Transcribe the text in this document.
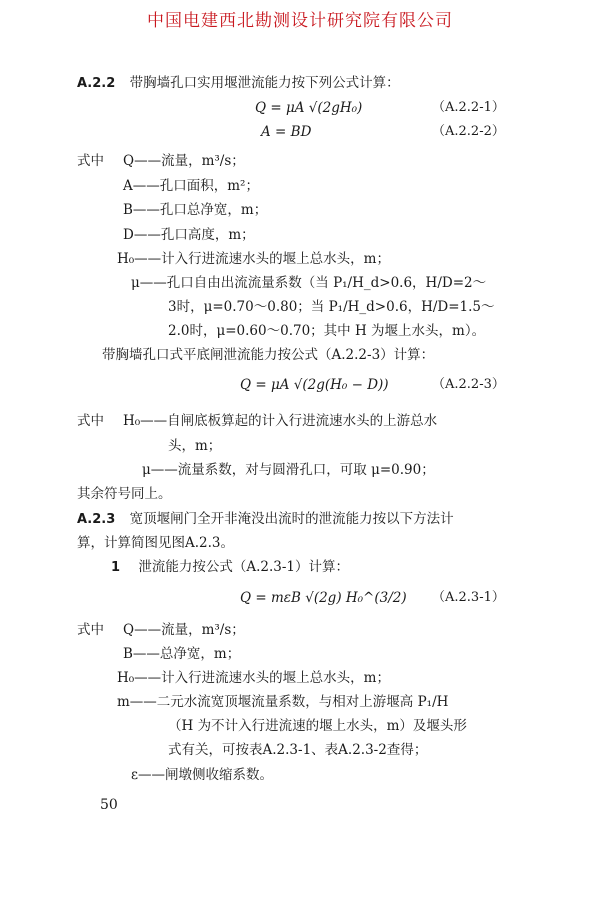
中国电建西北勘测设计研究院有限公司
A.2.2 带胸墙孔口实用堰泄流能力按下列公式计算：
Q = μA √(2gH₀)	（A.2.2-1）
A = BD	（A.2.2-2）
式中 Q——流量，m³/s；
A——孔口面积，m²；
B——孔口总净宽，m；
D——孔口高度，m；
H₀——计入行进流速水头的堰上总水头，m；
μ——孔口自由出流流量系数（当 P₁/H_d>0.6，H/D=2～
3时，μ=0.70～0.80；当 P₁/H_d>0.6，H/D=1.5～
2.0时，μ=0.60～0.70；其中 H 为堰上水头，m）。
带胸墙孔口式平底闸泄流能力按公式（A.2.2-3）计算：
Q = μA √(2g(H₀ − D))	（A.2.2-3）
式中 H₀——自闸底板算起的计入行进流速水头的上游总水
头，m；
μ——流量系数，对与圆滑孔口，可取 μ=0.90；
其余符号同上。
A.2.3 宽顶堰闸门全开非淹没出流时的泄流能力按以下方法计
算，计算简图见图A.2.3。
1 泄流能力按公式（A.2.3-1）计算：
Q = mεB √(2g) H₀^(3/2) （A.2.3-1）
式中 Q——流量，m³/s；
B——总净宽，m；
H₀——计入行进流速水头的堰上总水头，m；
m——二元水流宽顶堰流量系数，与相对上游堰高 P₁/H
（H 为不计入行进流速的堰上水头，m）及堰头形
式有关，可按表A.2.3-1、表A.2.3-2查得；
ε——闸墩侧收缩系数。
50
